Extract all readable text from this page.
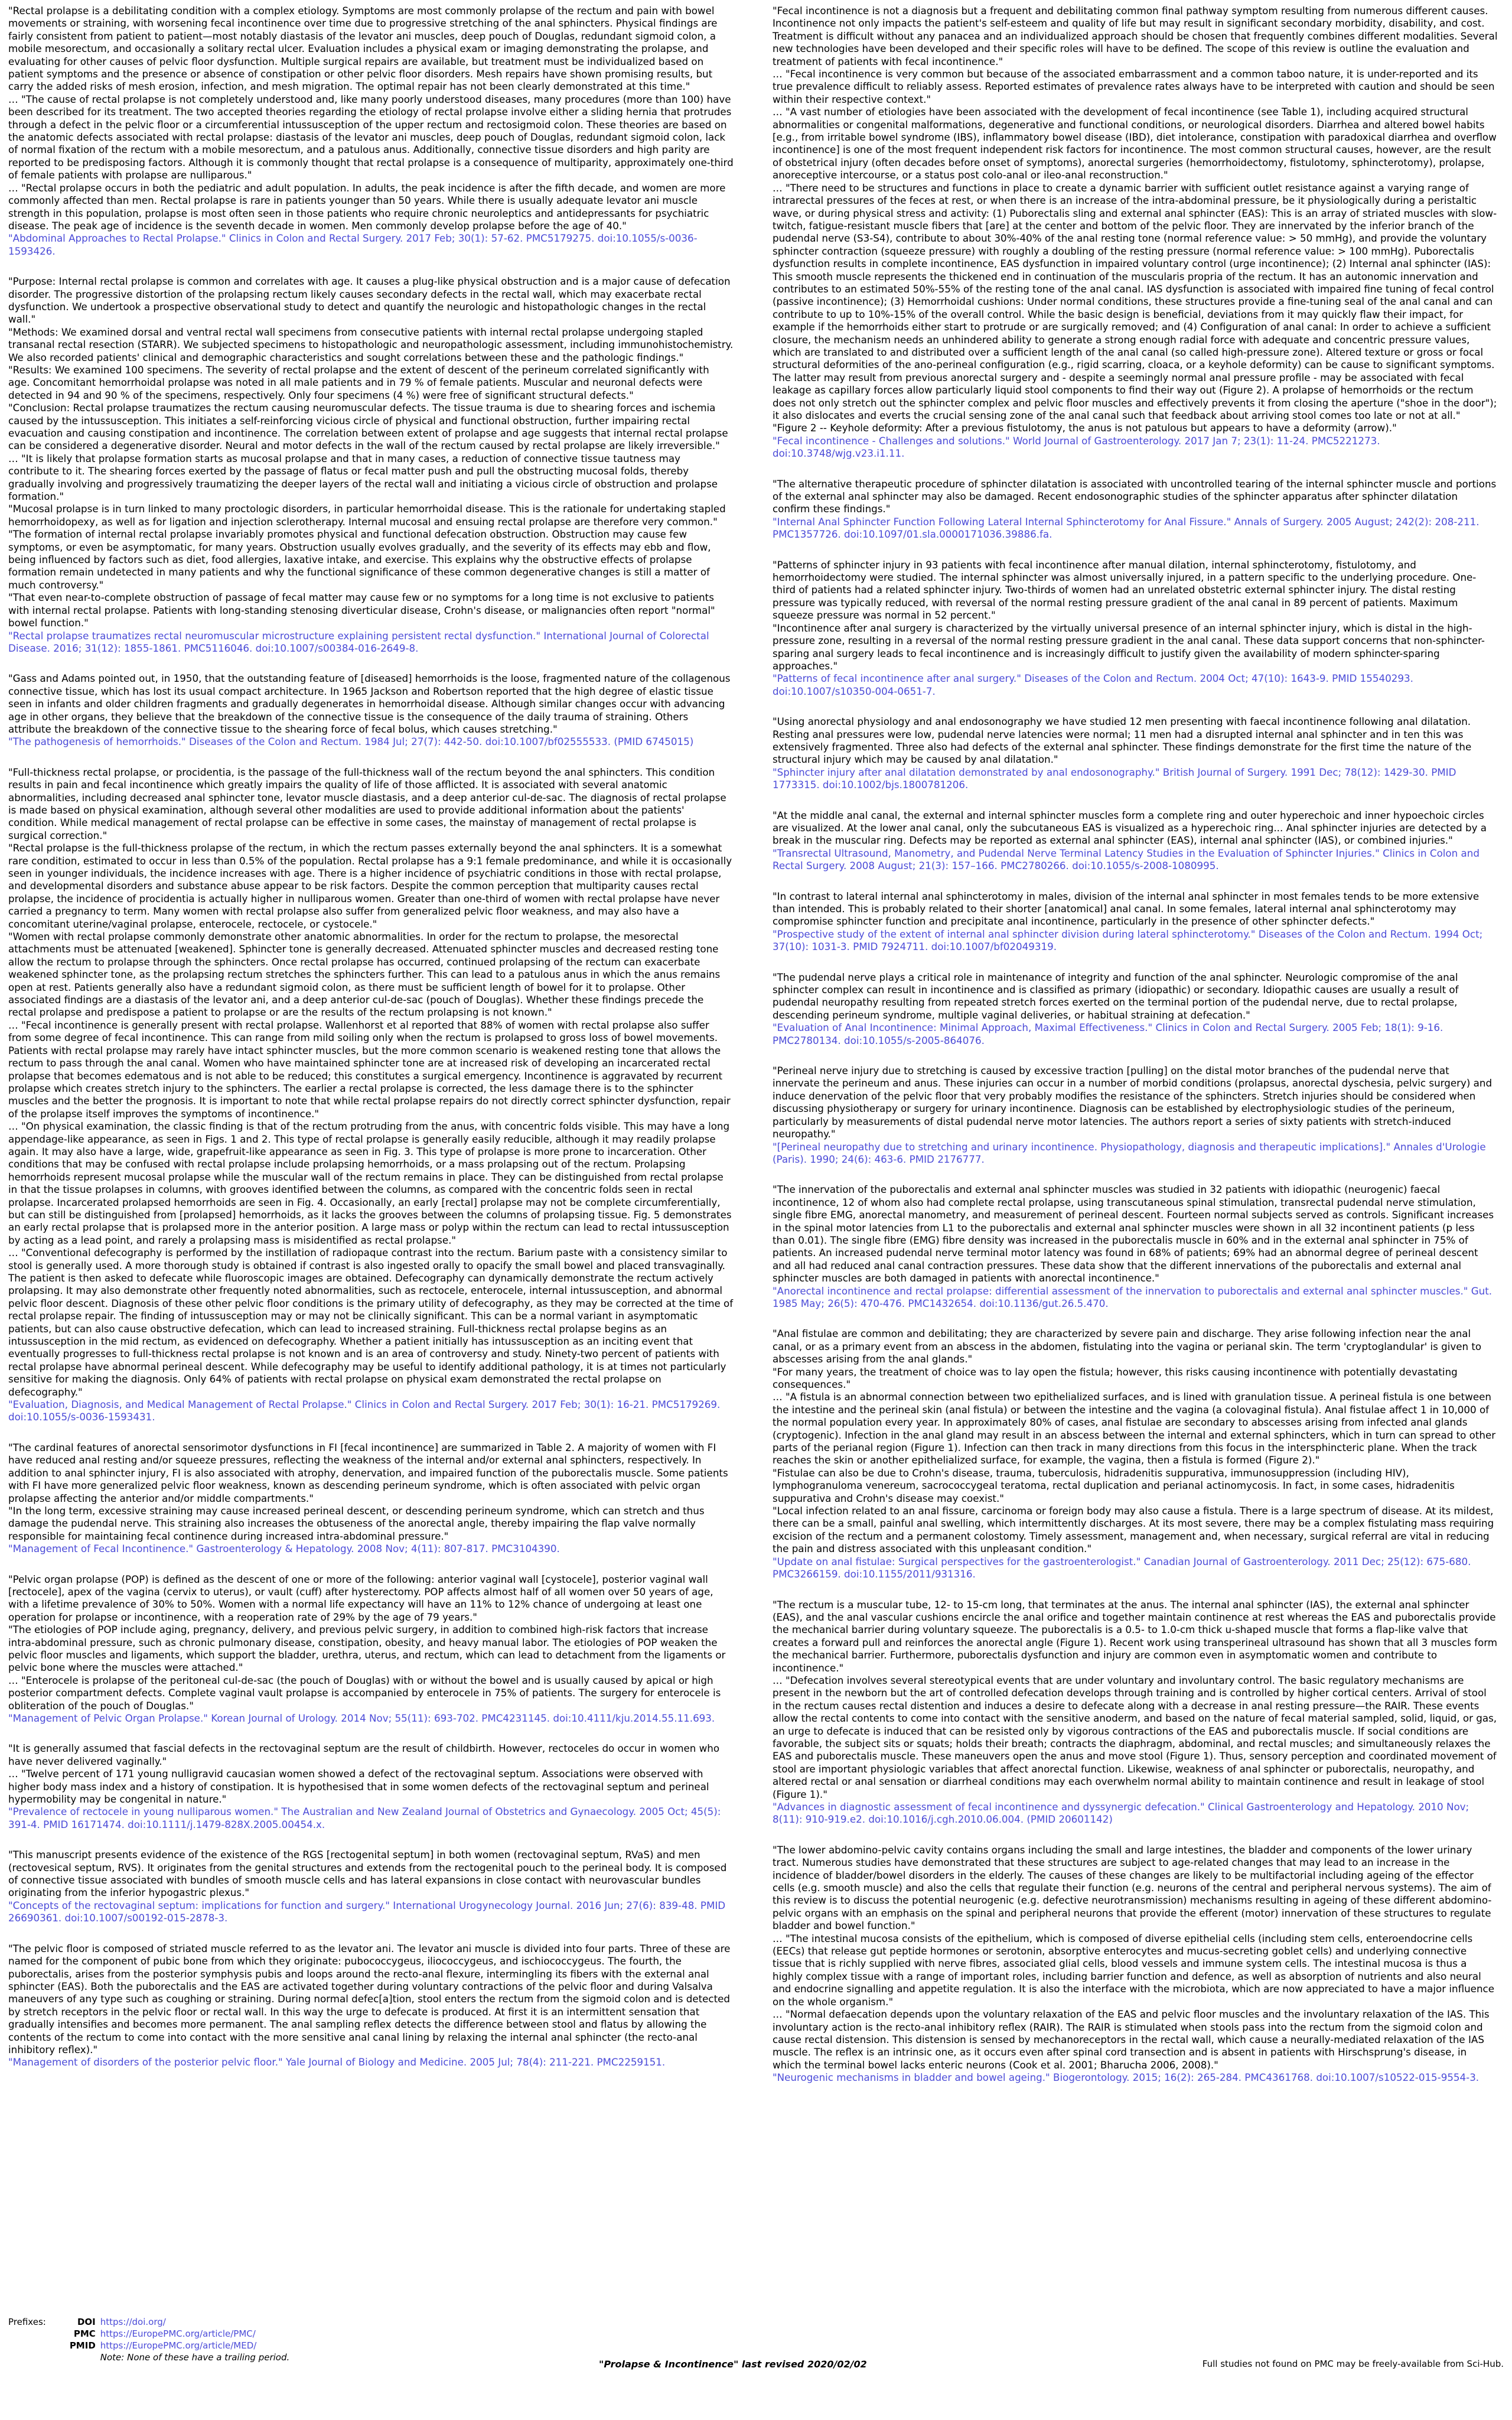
"Rectal prolapse is a debilitating condition with a complex etiology. Symptoms are most commonly prolapse of the rectum and pain with bowel movements or straining, with worsening fecal incontinence over time due to progressive stretching of the anal sphincters. Physical findings are fairly consistent from patient to patient—most notably diastasis of the levator ani muscles, deep pouch of Douglas, redundant sigmoid colon, a mobile mesorectum, and occasionally a solitary rectal ulcer. Evaluation includes a physical exam or imaging demonstrating the prolapse, and evaluating for other causes of pelvic floor dysfunction. Multiple surgical repairs are available, but treatment must be individualized based on patient symptoms and the presence or absence of constipation or other pelvic floor disorders. Mesh repairs have shown promising results, but carry the added risks of mesh erosion, infection, and mesh migration. The optimal repair has not been clearly demonstrated at this time."

… "The cause of rectal prolapse is not completely understood and, like many poorly understood diseases, many procedures (more than 100) have been described for its treatment. The two accepted theories regarding the etiology of rectal prolapse involve either a sliding hernia that protrudes through a defect in the pelvic floor or a circumferential intussusception of the upper rectum and rectosigmoid colon. These theories are based on the anatomic defects associated with rectal prolapse: diastasis of the levator ani muscles, deep pouch of Douglas, redundant sigmoid colon, lack of normal fixation of the rectum with a mobile mesorectum, and a patulous anus. Additionally, connective tissue disorders and high parity are reported to be predisposing factors. Although it is commonly thought that rectal prolapse is a consequence of multiparity, approximately one-third of female patients with prolapse are nulliparous."

… "Rectal prolapse occurs in both the pediatric and adult population. In adults, the peak incidence is after the fifth decade, and women are more commonly affected than men. Rectal prolapse is rare in patients younger than 50 years. While there is usually adequate levator ani muscle strength in this population, prolapse is most often seen in those patients who require chronic neuroleptics and antidepressants for psychiatric disease. The peak age of incidence is the seventh decade in women. Men commonly develop prolapse before the age of 40."

"Abdominal Approaches to Rectal Prolapse." Clinics in Colon and Rectal Surgery. 2017 Feb; 30(1): 57-62. PMC5179275. doi:10.1055/s-0036-1593426.

"Purpose: Internal rectal prolapse is common and correlates with age. It causes a plug-like physical obstruction and is a major cause of defecation disorder. The progressive distortion of the prolapsing rectum likely causes secondary defects in the rectal wall, which may exacerbate rectal dysfunction. We undertook a prospective observational study to detect and quantify the neurologic and histopathologic changes in the rectal wall."

"Methods: We examined dorsal and ventral rectal wall specimens from consecutive patients with internal rectal prolapse undergoing stapled transanal rectal resection (STARR). We subjected specimens to histopathologic and neuropathologic assessment, including immunohistochemistry. We also recorded patients' clinical and demographic characteristics and sought correlations between these and the pathologic findings."

"Results: We examined 100 specimens. The severity of rectal prolapse and the extent of descent of the perineum correlated significantly with age. Concomitant hemorrhoidal prolapse was noted in all male patients and in 79 % of female patients. Muscular and neuronal defects were detected in 94 and 90 % of the specimens, respectively. Only four specimens (4 %) were free of significant structural defects."

"Conclusion: Rectal prolapse traumatizes the rectum causing neuromuscular defects. The tissue trauma is due to shearing forces and ischemia caused by the intussusception. This initiates a self-reinforcing vicious circle of physical and functional obstruction, further impairing rectal evacuation and causing constipation and incontinence. The correlation between extent of prolapse and age suggests that internal rectal prolapse can be considered a degenerative disorder. Neural and motor defects in the wall of the rectum caused by rectal prolapse are likely irreversible."

… "It is likely that prolapse formation starts as mucosal prolapse and that in many cases, a reduction of connective tissue tautness may contribute to it. The shearing forces exerted by the passage of flatus or fecal matter push and pull the obstructing mucosal folds, thereby gradually involving and progressively traumatizing the deeper layers of the rectal wall and initiating a vicious circle of obstruction and prolapse formation."

"Mucosal prolapse is in turn linked to many proctologic disorders, in particular hemorrhoidal disease. This is the rationale for undertaking stapled hemorrhoidopexy, as well as for ligation and injection sclerotherapy. Internal mucosal and ensuing rectal prolapse are therefore very common."

"The formation of internal rectal prolapse invariably promotes physical and functional defecation obstruction. Obstruction may cause few symptoms, or even be asymptomatic, for many years. Obstruction usually evolves gradually, and the severity of its effects may ebb and flow, being influenced by factors such as diet, food allergies, laxative intake, and exercise. This explains why the obstructive effects of prolapse formation remain undetected in many patients and why the functional significance of these common degenerative changes is still a matter of much controversy."

"That even near-to-complete obstruction of passage of fecal matter may cause few or no symptoms for a long time is not exclusive to patients with internal rectal prolapse. Patients with long-standing stenosing diverticular disease, Crohn's disease, or malignancies often report "normal" bowel function."

"Rectal prolapse traumatizes rectal neuromuscular microstructure explaining persistent rectal dysfunction." International Journal of Colorectal Disease. 2016; 31(12): 1855-1861. PMC5116046. doi:10.1007/s00384-016-2649-8.

"Gass and Adams pointed out, in 1950, that the outstanding feature of [diseased] hemorrhoids is the loose, fragmented nature of the collagenous connective tissue, which has lost its usual compact architecture. In 1965 Jackson and Robertson reported that the high degree of elastic tissue seen in infants and older children fragments and gradually degenerates in hemorrhoidal disease. Although similar changes occur with advancing age in other organs, they believe that the breakdown of the connective tissue is the consequence of the daily trauma of straining. Others attribute the breakdown of the connective tissue to the shearing force of fecal bolus, which causes stretching."

"The pathogenesis of hemorrhoids." Diseases of the Colon and Rectum. 1984 Jul; 27(7): 442-50. doi:10.1007/bf02555533. (PMID 6745015)

"Full-thickness rectal prolapse, or procidentia, is the passage of the full-thickness wall of the rectum beyond the anal sphincters. This condition results in pain and fecal incontinence which greatly impairs the quality of life of those afflicted. It is associated with several anatomic abnormalities, including decreased anal sphincter tone, levator muscle diastasis, and a deep anterior cul-de-sac. The diagnosis of rectal prolapse is made based on physical examination, although several other modalities are used to provide additional information about the patients' condition. While medical management of rectal prolapse can be effective in some cases, the mainstay of management of rectal prolapse is surgical correction."

"Rectal prolapse is the full-thickness prolapse of the rectum, in which the rectum passes externally beyond the anal sphincters. It is a somewhat rare condition, estimated to occur in less than 0.5% of the population. Rectal prolapse has a 9:1 female predominance, and while it is occasionally seen in younger individuals, the incidence increases with age. There is a higher incidence of psychiatric conditions in those with rectal prolapse, and developmental disorders and substance abuse appear to be risk factors. Despite the common perception that multiparity causes rectal prolapse, the incidence of procidentia is actually higher in nulliparous women. Greater than one-third of women with rectal prolapse have never carried a pregnancy to term. Many women with rectal prolapse also suffer from generalized pelvic floor weakness, and may also have a concomitant uterine/vaginal prolapse, enterocele, rectocele, or cystocele."

"Women with rectal prolapse commonly demonstrate other anatomic abnormalities. In order for the rectum to prolapse, the mesorectal attachments must be attenuated [weakened]. Sphincter tone is generally decreased. Attenuated sphincter muscles and decreased resting tone allow the rectum to prolapse through the sphincters. Once rectal prolapse has occurred, continued prolapsing of the rectum can exacerbate weakened sphincter tone, as the prolapsing rectum stretches the sphincters further. This can lead to a patulous anus in which the anus remains open at rest. Patients generally also have a redundant sigmoid colon, as there must be sufficient length of bowel for it to prolapse. Other associated findings are a diastasis of the levator ani, and a deep anterior cul-de-sac (pouch of Douglas). Whether these findings precede the rectal prolapse and predispose a patient to prolapse or are the results of the rectum prolapsing is not known."

… "Fecal incontinence is generally present with rectal prolapse. Wallenhorst et al reported that 88% of women with rectal prolapse also suffer from some degree of fecal incontinence. This can range from mild soiling only when the rectum is prolapsed to gross loss of bowel movements. Patients with rectal prolapse may rarely have intact sphincter muscles, but the more common scenario is weakened resting tone that allows the rectum to pass through the anal canal. Women who have maintained sphincter tone are at increased risk of developing an incarcerated rectal prolapse that becomes edematous and is not able to be reduced; this constitutes a surgical emergency. Incontinence is aggravated by recurrent prolapse which creates stretch injury to the sphincters. The earlier a rectal prolapse is corrected, the less damage there is to the sphincter muscles and the better the prognosis. It is important to note that while rectal prolapse repairs do not directly correct sphincter dysfunction, repair of the prolapse itself improves the symptoms of incontinence."

… "On physical examination, the classic finding is that of the rectum protruding from the anus, with concentric folds visible. This may have a long appendage-like appearance, as seen in Figs. 1 and 2. This type of rectal prolapse is generally easily reducible, although it may readily prolapse again. It may also have a large, wide, grapefruit-like appearance as seen in Fig. 3. This type of prolapse is more prone to incarceration. Other conditions that may be confused with rectal prolapse include prolapsing hemorrhoids, or a mass prolapsing out of the rectum. Prolapsing hemorrhoids represent mucosal prolapse while the muscular wall of the rectum remains in place. They can be distinguished from rectal prolapse in that the tissue prolapses in columns, with grooves identified between the columns, as compared with the concentric folds seen in rectal prolapse. Incarcerated prolapsed hemorrhoids are seen in Fig. 4. Occasionally, an early [rectal] prolapse may not be complete circumferentially, but can still be distinguished from [prolapsed] hemorrhoids, as it lacks the grooves between the columns of prolapsing tissue. Fig. 5 demonstrates an early rectal prolapse that is prolapsed more in the anterior position. A large mass or polyp within the rectum can lead to rectal intussusception by acting as a lead point, and rarely a prolapsing mass is misidentified as rectal prolapse."

… "Conventional defecography is performed by the instillation of radiopaque contrast into the rectum. Barium paste with a consistency similar to stool is generally used. A more thorough study is obtained if contrast is also ingested orally to opacify the small bowel and placed transvaginally. The patient is then asked to defecate while fluoroscopic images are obtained. Defecography can dynamically demonstrate the rectum actively prolapsing. It may also demonstrate other frequently noted abnormalities, such as rectocele, enterocele, internal intussusception, and abnormal pelvic floor descent. Diagnosis of these other pelvic floor conditions is the primary utility of defecography, as they may be corrected at the time of rectal prolapse repair. The finding of intussusception may or may not be clinically significant. This can be a normal variant in asymptomatic patients, but can also cause obstructive defecation, which can lead to increased straining. Full-thickness rectal prolapse begins as an intussusception in the mid rectum, as evidenced on defecography. Whether a patient initially has intussusception as an inciting event that eventually progresses to full-thickness rectal prolapse is not known and is an area of controversy and study. Ninety-two percent of patients with rectal prolapse have abnormal perineal descent. While defecography may be useful to identify additional pathology, it is at times not particularly sensitive for making the diagnosis. Only 64% of patients with rectal prolapse on physical exam demonstrated the rectal prolapse on defecography."

"Evaluation, Diagnosis, and Medical Management of Rectal Prolapse." Clinics in Colon and Rectal Surgery. 2017 Feb; 30(1): 16-21. PMC5179269. doi:10.1055/s-0036-1593431.

"The cardinal features of anorectal sensorimotor dysfunctions in FI [fecal incontinence] are summarized in Table 2. A majority of women with FI have reduced anal resting and/or squeeze pressures, reflecting the weakness of the internal and/or external anal sphincters, respectively. In addition to anal sphincter injury, FI is also associated with atrophy, denervation, and impaired function of the puborectalis muscle. Some patients with FI have more generalized pelvic floor weakness, known as descending perineum syndrome, which is often associated with pelvic organ prolapse affecting the anterior and/or middle compartments."

"In the long term, excessive straining may cause increased perineal descent, or descending perineum syndrome, which can stretch and thus damage the pudendal nerve. This straining also increases the obtuseness of the anorectal angle, thereby impairing the flap valve normally responsible for maintaining fecal continence during increased intra-abdominal pressure."

"Management of Fecal Incontinence." Gastroenterology & Hepatology. 2008 Nov; 4(11): 807-817. PMC3104390.

"Pelvic organ prolapse (POP) is defined as the descent of one or more of the following: anterior vaginal wall [cystocele], posterior vaginal wall [rectocele], apex of the vagina (cervix to uterus), or vault (cuff) after hysterectomy. POP affects almost half of all women over 50 years of age, with a lifetime prevalence of 30% to 50%. Women with a normal life expectancy will have an 11% to 12% chance of undergoing at least one operation for prolapse or incontinence, with a reoperation rate of 29% by the age of 79 years."

"The etiologies of POP include aging, pregnancy, delivery, and previous pelvic surgery, in addition to combined high-risk factors that increase intra-abdominal pressure, such as chronic pulmonary disease, constipation, obesity, and heavy manual labor. The etiologies of POP weaken the pelvic floor muscles and ligaments, which support the bladder, urethra, uterus, and rectum, which can lead to detachment from the ligaments or pelvic bone where the muscles were attached."

… "Enterocele is prolapse of the peritoneal cul-de-sac (the pouch of Douglas) with or without the bowel and is usually caused by apical or high posterior compartment defects. Complete vaginal vault prolapse is accompanied by enterocele in 75% of patients. The surgery for enterocele is obliteration of the pouch of Douglas."

"Management of Pelvic Organ Prolapse." Korean Journal of Urology. 2014 Nov; 55(11): 693-702. PMC4231145. doi:10.4111/kju.2014.55.11.693.

"It is generally assumed that fascial defects in the rectovaginal septum are the result of childbirth. However, rectoceles do occur in women who have never delivered vaginally."

… "Twelve percent of 171 young nulligravid caucasian women showed a defect of the rectovaginal septum. Associations were observed with higher body mass index and a history of constipation. It is hypothesised that in some women defects of the rectovaginal septum and perineal hypermobility may be congenital in nature."

"Prevalence of rectocele in young nulliparous women." The Australian and New Zealand Journal of Obstetrics and Gynaecology. 2005 Oct; 45(5): 391-4. PMID 16171474. doi:10.1111/j.1479-828X.2005.00454.x.

"This manuscript presents evidence of the existence of the RGS [rectogenital septum] in both women (rectovaginal septum, RVaS) and men (rectovesical septum, RVS). It originates from the genital structures and extends from the rectogenital pouch to the perineal body. It is composed of connective tissue associated with bundles of smooth muscle cells and has lateral expansions in close contact with neurovascular bundles originating from the inferior hypogastric plexus."

"Concepts of the rectovaginal septum: implications for function and surgery." International Urogynecology Journal. 2016 Jun; 27(6): 839-48. PMID 26690361. doi:10.1007/s00192-015-2878-3.

"The pelvic floor is composed of striated muscle referred to as the levator ani. The levator ani muscle is divided into four parts. Three of these are named for the component of pubic bone from which they originate: pubococcygeus, iliococcygeus, and ischiococcygeus. The fourth, the puborectalis, arises from the posterior symphysis pubis and loops around the recto-anal flexure, intermingling its fibers with the external anal sphincter (EAS). Both the puborectalis and the EAS are activated together during voluntary contractions of the pelvic floor and during Valsalva maneuvers of any type such as coughing or straining. During normal defec[a]tion, stool enters the rectum from the sigmoid colon and is detected by stretch receptors in the pelvic floor or rectal wall. In this way the urge to defecate is produced. At first it is an intermittent sensation that gradually intensifies and becomes more permanent. The anal sampling reflex detects the difference between stool and flatus by allowing the contents of the rectum to come into contact with the more sensitive anal canal lining by relaxing the internal anal sphincter (the recto-anal inhibitory reflex)."

"Management of disorders of the posterior pelvic floor." Yale Journal of Biology and Medicine. 2005 Jul; 78(4): 211-221. PMC2259151.

"Fecal incontinence is not a diagnosis but a frequent and debilitating common final pathway symptom resulting from numerous different causes. Incontinence not only impacts the patient's self-esteem and quality of life but may result in significant secondary morbidity, disability, and cost. Treatment is difficult without any panacea and an individualized approach should be chosen that frequently combines different modalities. Several new technologies have been developed and their specific roles will have to be defined. The scope of this review is outline the evaluation and treatment of patients with fecal incontinence."

… "Fecal incontinence is very common but because of the associated embarrassment and a common taboo nature, it is under-reported and its true prevalence difficult to reliably assess. Reported estimates of prevalence rates always have to be interpreted with caution and should be seen within their respective context."

… "A vast number of etiologies have been associated with the development of fecal incontinence (see Table 1), including acquired structural abnormalities or congenital malformations, degenerative and functional conditions, or neurological disorders. Diarrhea and altered bowel habits [e.g., from irritable bowel syndrome (IBS), inflammatory bowel disease (IBD), diet intolerance, constipation with paradoxical diarrhea and overflow incontinence] is one of the most frequent independent risk factors for incontinence. The most common structural causes, however, are the result of obstetrical injury (often decades before onset of symptoms), anorectal surgeries (hemorrhoidectomy, fistulotomy, sphincterotomy), prolapse, anoreceptive intercourse, or a status post colo-anal or ileo-anal reconstruction."

… "There need to be structures and functions in place to create a dynamic barrier with sufficient outlet resistance against a varying range of intrarectal pressures of the feces at rest, or when there is an increase of the intra-abdominal pressure, be it physiologically during a peristaltic wave, or during physical stress and activity: (1) Puborectalis sling and external anal sphincter (EAS): This is an array of striated muscles with slow-twitch, fatigue-resistant muscle fibers that [are] at the center and bottom of the pelvic floor. They are innervated by the inferior branch of the pudendal nerve (S3-S4), contribute to about 30%-40% of the anal resting tone (normal reference value: > 50 mmHg), and provide the voluntary sphincter contraction (squeeze pressure) with roughly a doubling of the resting pressure (normal reference value: > 100 mmHg). Puborectalis dysfunction results in complete incontinence, EAS dysfunction in impaired voluntary control (urge incontinence); (2) Internal anal sphincter (IAS): This smooth muscle represents the thickened end in continuation of the muscularis propria of the rectum. It has an autonomic innervation and contributes to an estimated 50%-55% of the resting tone of the anal canal. IAS dysfunction is associated with impaired fine tuning of fecal control (passive incontinence); (3) Hemorrhoidal cushions: Under normal conditions, these structures provide a fine-tuning seal of the anal canal and can contribute to up to 10%-15% of the overall control. While the basic design is beneficial, deviations from it may quickly flaw their impact, for example if the hemorrhoids either start to protrude or are surgically removed; and (4) Configuration of anal canal: In order to achieve a sufficient closure, the mechanism needs an unhindered ability to generate a strong enough radial force with adequate and concentric pressure values, which are translated to and distributed over a sufficient length of the anal canal (so called high-pressure zone). Altered texture or gross or focal structural deformities of the ano-perineal configuration (e.g., rigid scarring, cloaca, or a keyhole deformity) can be cause to significant symptoms. The latter may result from previous anorectal surgery and - despite a seemingly normal anal pressure profile - may be associated with fecal leakage as capillary forces allow particularly liquid stool components to find their way out (Figure 2). A prolapse of hemorrhoids or the rectum does not only stretch out the sphincter complex and pelvic floor muscles and effectively prevents it from closing the aperture ("shoe in the door"); it also dislocates and everts the crucial sensing zone of the anal canal such that feedback about arriving stool comes too late or not at all."

"Figure 2 -- Keyhole deformity: After a previous fistulotomy, the anus is not patulous but appears to have a deformity (arrow)."

"Fecal incontinence - Challenges and solutions." World Journal of Gastroenterology. 2017 Jan 7; 23(1): 11-24. PMC5221273. doi:10.3748/wjg.v23.i1.11.

"The alternative therapeutic procedure of sphincter dilatation is associated with uncontrolled tearing of the internal sphincter muscle and portions of the external anal sphincter may also be damaged. Recent endosonographic studies of the sphincter apparatus after sphincter dilatation confirm these findings."

"Internal Anal Sphincter Function Following Lateral Internal Sphincterotomy for Anal Fissure." Annals of Surgery. 2005 August; 242(2): 208-211. PMC1357726. doi:10.1097/01.sla.0000171036.39886.fa.

"Patterns of sphincter injury in 93 patients with fecal incontinence after manual dilation, internal sphincterotomy, fistulotomy, and hemorrhoidectomy were studied. The internal sphincter was almost universally injured, in a pattern specific to the underlying procedure. One-third of patients had a related sphincter injury. Two-thirds of women had an unrelated obstetric external sphincter injury. The distal resting pressure was typically reduced, with reversal of the normal resting pressure gradient of the anal canal in 89 percent of patients. Maximum squeeze pressure was normal in 52 percent."

"Incontinence after anal surgery is characterized by the virtually universal presence of an internal sphincter injury, which is distal in the high-pressure zone, resulting in a reversal of the normal resting pressure gradient in the anal canal. These data support concerns that non-sphincter-sparing anal surgery leads to fecal incontinence and is increasingly difficult to justify given the availability of modern sphincter-sparing approaches."

"Patterns of fecal incontinence after anal surgery." Diseases of the Colon and Rectum. 2004 Oct; 47(10): 1643-9. PMID 15540293. doi:10.1007/s10350-004-0651-7.

"Using anorectal physiology and anal endosonography we have studied 12 men presenting with faecal incontinence following anal dilatation. Resting anal pressures were low, pudendal nerve latencies were normal; 11 men had a disrupted internal anal sphincter and in ten this was extensively fragmented. Three also had defects of the external anal sphincter. These findings demonstrate for the first time the nature of the structural injury which may be caused by anal dilatation."

"Sphincter injury after anal dilatation demonstrated by anal endosonography." British Journal of Surgery. 1991 Dec; 78(12): 1429-30. PMID 1773315. doi:10.1002/bjs.1800781206.

"At the middle anal canal, the external and internal sphincter muscles form a complete ring and outer hyperechoic and inner hypoechoic circles are visualized. At the lower anal canal, only the subcutaneous EAS is visualized as a hyperechoic ring... Anal sphincter injuries are detected by a break in the muscular ring. Defects may be reported as external anal sphincter (EAS), internal anal sphincter (IAS), or combined injuries."

"Transrectal Ultrasound, Manometry, and Pudendal Nerve Terminal Latency Studies in the Evaluation of Sphincter Injuries." Clinics in Colon and Rectal Surgery. 2008 August; 21(3): 157–166. PMC2780266. doi:10.1055/s-2008-1080995.

"In contrast to lateral internal anal sphincterotomy in males, division of the internal anal sphincter in most females tends to be more extensive than intended. This is probably related to their shorter [anatomical] anal canal. In some females, lateral internal anal sphincterotomy may compromise sphincter function and precipitate anal incontinence, particularly in the presence of other sphincter defects."

"Prospective study of the extent of internal anal sphincter division during lateral sphincterotomy." Diseases of the Colon and Rectum. 1994 Oct; 37(10): 1031-3. PMID 7924711. doi:10.1007/bf02049319.

"The pudendal nerve plays a critical role in maintenance of integrity and function of the anal sphincter. Neurologic compromise of the anal sphincter complex can result in incontinence and is classified as primary (idiopathic) or secondary. Idiopathic causes are usually a result of pudendal neuropathy resulting from repeated stretch forces exerted on the terminal portion of the pudendal nerve, due to rectal prolapse, descending perineum syndrome, multiple vaginal deliveries, or habitual straining at defecation."

"Evaluation of Anal Incontinence: Minimal Approach, Maximal Effectiveness." Clinics in Colon and Rectal Surgery. 2005 Feb; 18(1): 9-16. PMC2780134. doi:10.1055/s-2005-864076.

"Perineal nerve injury due to stretching is caused by excessive traction [pulling] on the distal motor branches of the pudendal nerve that innervate the perineum and anus. These injuries can occur in a number of morbid conditions (prolapsus, anorectal dyschesia, pelvic surgery) and induce denervation of the pelvic floor that very probably modifies the resistance of the sphincters. Stretch injuries should be considered when discussing physiotherapy or surgery for urinary incontinence. Diagnosis can be established by electrophysiologic studies of the perineum, particularly by measurements of distal pudendal nerve motor latencies. The authors report a series of sixty patients with stretch-induced neuropathy."

"[Perineal neuropathy due to stretching and urinary incontinence. Physiopathology, diagnosis and therapeutic implications]." Annales d'Urologie (Paris). 1990; 24(6): 463-6. PMID 2176777.

"The innervation of the puborectalis and external anal sphincter muscles was studied in 32 patients with idiopathic (neurogenic) faecal incontinence, 12 of whom also had complete rectal prolapse, using transcutaneous spinal stimulation, transrectal pudendal nerve stimulation, single fibre EMG, anorectal manometry, and measurement of perineal descent. Fourteen normal subjects served as controls. Significant increases in the spinal motor latencies from L1 to the puborectalis and external anal sphincter muscles were shown in all 32 incontinent patients (p less than 0.01). The single fibre (EMG) fibre density was increased in the puborectalis muscle in 60% and in the external anal sphincter in 75% of patients. An increased pudendal nerve terminal motor latency was found in 68% of patients; 69% had an abnormal degree of perineal descent and all had reduced anal canal contraction pressures. These data show that the different innervations of the puborectalis and external anal sphincter muscles are both damaged in patients with anorectal incontinence."

"Anorectal incontinence and rectal prolapse: differential assessment of the innervation to puborectalis and external anal sphincter muscles." Gut. 1985 May; 26(5): 470-476. PMC1432654. doi:10.1136/gut.26.5.470.

"Anal fistulae are common and debilitating; they are characterized by severe pain and discharge. They arise following infection near the anal canal, or as a primary event from an abscess in the abdomen, fistulating into the vagina or perianal skin. The term 'cryptoglandular' is given to abscesses arising from the anal glands."

"For many years, the treatment of choice was to lay open the fistula; however, this risks causing incontinence with potentially devastating consequences."

… "A fistula is an abnormal connection between two epithelialized surfaces, and is lined with granulation tissue. A perineal fistula is one between the intestine and the perineal skin (anal fistula) or between the intestine and the vagina (a colovaginal fistula). Anal fistulae affect 1 in 10,000 of the normal population every year. In approximately 80% of cases, anal fistulae are secondary to abscesses arising from infected anal glands (cryptogenic). Infection in the anal gland may result in an abscess between the internal and external sphincters, which in turn can spread to other parts of the perianal region (Figure 1). Infection can then track in many directions from this focus in the intersphincteric plane. When the track reaches the skin or another epithelialized surface, for example, the vagina, then a fistula is formed (Figure 2)."

"Fistulae can also be due to Crohn's disease, trauma, tuberculosis, hidradenitis suppurativa, immunosuppression (including HIV), lymphogranuloma venereum, sacrococcygeal teratoma, rectal duplication and perianal actinomycosis. In fact, in some cases, hidradenitis suppurativa and Crohn's disease may coexist."

"Local infection related to an anal fissure, carcinoma or foreign body may also cause a fistula. There is a large spectrum of disease. At its mildest, there can be a small, painful anal swelling, which intermittently discharges. At its most severe, there may be a complex fistulating mass requiring excision of the rectum and a permanent colostomy. Timely assessment, management and, when necessary, surgical referral are vital in reducing the pain and distress associated with this unpleasant condition."

"Update on anal fistulae: Surgical perspectives for the gastroenterologist." Canadian Journal of Gastroenterology. 2011 Dec; 25(12): 675-680. PMC3266159. doi:10.1155/2011/931316.

"The rectum is a muscular tube, 12- to 15-cm long, that terminates at the anus. The internal anal sphincter (IAS), the external anal sphincter (EAS), and the anal vascular cushions encircle the anal orifice and together maintain continence at rest whereas the EAS and puborectalis provide the mechanical barrier during voluntary squeeze. The puborectalis is a 0.5- to 1.0-cm thick u-shaped muscle that forms a flap-like valve that creates a forward pull and reinforces the anorectal angle (Figure 1). Recent work using transperineal ultrasound has shown that all 3 muscles form the mechanical barrier. Furthermore, puborectalis dysfunction and injury are common even in asymptomatic women and contribute to incontinence."

… "Defecation involves several stereotypical events that are under voluntary and involuntary control. The basic regulatory mechanisms are present in the newborn but the art of controlled defecation develops through training and is controlled by higher cortical centers. Arrival of stool in the rectum causes rectal distention and induces a desire to defecate along with a decrease in anal resting pressure—the RAIR. These events allow the rectal contents to come into contact with the sensitive anoderm, and based on the nature of fecal material sampled, solid, liquid, or gas, an urge to defecate is induced that can be resisted only by vigorous contractions of the EAS and puborectalis muscle. If social conditions are favorable, the subject sits or squats; holds their breath; contracts the diaphragm, abdominal, and rectal muscles; and simultaneously relaxes the EAS and puborectalis muscle. These maneuvers open the anus and move stool (Figure 1). Thus, sensory perception and coordinated movement of stool are important physiologic variables that affect anorectal function. Likewise, weakness of anal sphincter or puborectalis, neuropathy, and altered rectal or anal sensation or diarrheal conditions may each overwhelm normal ability to maintain continence and result in leakage of stool (Figure 1)."

"Advances in diagnostic assessment of fecal incontinence and dyssynergic defecation." Clinical Gastroenterology and Hepatology. 2010 Nov; 8(11): 910-919.e2. doi:10.1016/j.cgh.2010.06.004. (PMID 20601142)

"The lower abdomino-pelvic cavity contains organs including the small and large intestines, the bladder and components of the lower urinary tract. Numerous studies have demonstrated that these structures are subject to age-related changes that may lead to an increase in the incidence of bladder/bowel disorders in the elderly. The causes of these changes are likely to be multifactorial including ageing of the effector cells (e.g. smooth muscle) and also the cells that regulate their function (e.g. neurons of the central and peripheral nervous systems). The aim of this review is to discuss the potential neurogenic (e.g. defective neurotransmission) mechanisms resulting in ageing of these different abdomino-pelvic organs with an emphasis on the spinal and peripheral neurons that provide the efferent (motor) innervation of these structures to regulate bladder and bowel function."

… "The intestinal mucosa consists of the epithelium, which is composed of diverse epithelial cells (including stem cells, enteroendocrine cells (EECs) that release gut peptide hormones or serotonin, absorptive enterocytes and mucus-secreting goblet cells) and underlying connective tissue that is richly supplied with nerve fibres, associated glial cells, blood vessels and immune system cells. The intestinal mucosa is thus a highly complex tissue with a range of important roles, including barrier function and defence, as well as absorption of nutrients and also neural and endocrine signalling and appetite regulation. It is also the interface with the microbiota, which are now appreciated to have a major influence on the whole organism."

… "Normal defaecation depends upon the voluntary relaxation of the EAS and pelvic floor muscles and the involuntary relaxation of the IAS. This involuntary action is the recto-anal inhibitory reflex (RAIR). The RAIR is stimulated when stools pass into the rectum from the sigmoid colon and cause rectal distension. This distension is sensed by mechanoreceptors in the rectal wall, which cause a neurally-mediated relaxation of the IAS muscle. The reflex is an intrinsic one, as it occurs even after spinal cord transection and is absent in patients with Hirschsprung's disease, in which the terminal bowel lacks enteric neurons (Cook et al. 2001; Bharucha 2006, 2008)."

"Neurogenic mechanisms in bladder and bowel ageing." Biogerontology. 2015; 16(2): 265-284. PMC4361768. doi:10.1007/s10522-015-9554-3.

Prefixes:	DOI	https://doi.org/
	PMC	https://EuropePMC.org/article/PMC/
	PMID	https://EuropePMC.org/article/MED/
		Note: None of these have a trailing period.
"Prolapse & Incontinence" last revised 2020/02/02	Full studies not found on PMC may be freely-available from Sci-Hub.
